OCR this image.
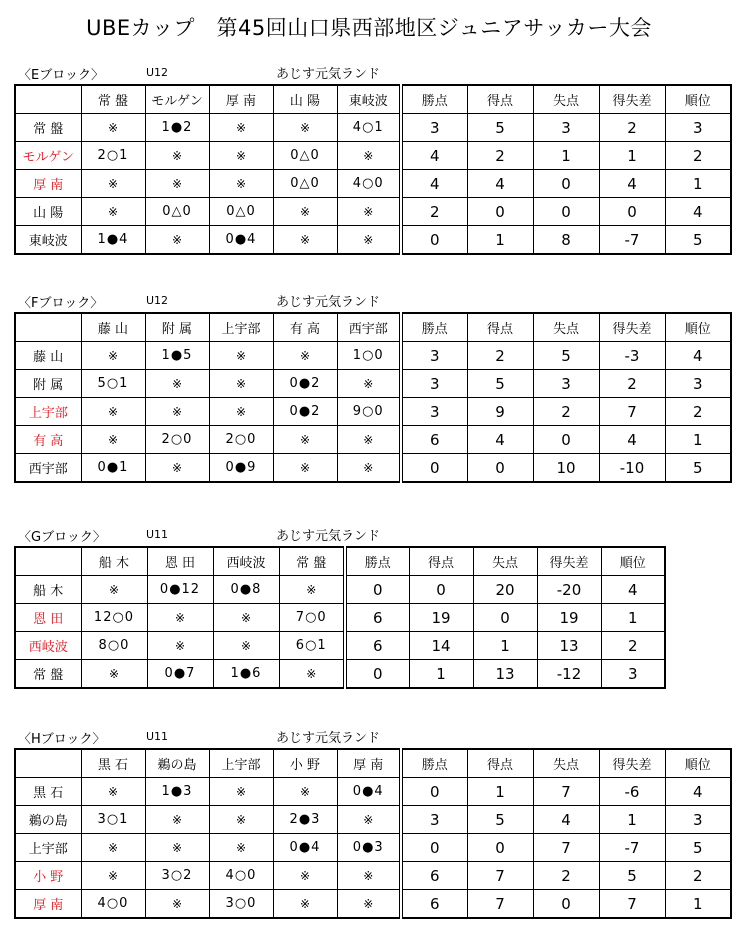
UBEカップ　第45回山口県西部地区ジュニアサッカー大会
〈Eブロック〉	U12	あじす元気ランド
	常 盤	モルゲン	厚 南	山 陽	東岐波	勝点	得点	失点	得失差	順位
常 盤	※	1●2	※	※	4○1	3	5	3	2	3
モルゲン	2○1	※	※	0△0	※	4	2	1	1	2
厚 南	※	※	※	0△0	4○0	4	4	0	4	1
山 陽	※	0△0	0△0	※	※	2	0	0	0	4
東岐波	1●4	※	0●4	※	※	0	1	8	-7	5
〈Fブロック〉	U12	あじす元気ランド
	藤 山	附 属	上宇部	有 高	西宇部	勝点	得点	失点	得失差	順位
藤 山	※	1●5	※	※	1○0	3	2	5	-3	4
附 属	5○1	※	※	0●2	※	3	5	3	2	3
上宇部	※	※	※	0●2	9○0	3	9	2	7	2
有 高	※	2○0	2○0	※	※	6	4	0	4	1
西宇部	0●1	※	0●9	※	※	0	0	10	-10	5
〈Gブロック〉	U11	あじす元気ランド
	船 木	恩 田	西岐波	常 盤	勝点	得点	失点	得失差	順位
船 木	※	0●12	0●8	※	0	0	20	-20	4
恩 田	12○0	※	※	7○0	6	19	0	19	1
西岐波	8○0	※	※	6○1	6	14	1	13	2
常 盤	※	0●7	1●6	※	0	1	13	-12	3
〈Hブロック〉	U11	あじす元気ランド
	黒 石	鵜の島	上宇部	小 野	厚 南	勝点	得点	失点	得失差	順位
黒 石	※	1●3	※	※	0●4	0	1	7	-6	4
鵜の島	3○1	※	※	2●3	※	3	5	4	1	3
上宇部	※	※	※	0●4	0●3	0	0	7	-7	5
小 野	※	3○2	4○0	※	※	6	7	2	5	2
厚 南	4○0	※	3○0	※	※	6	7	0	7	1
